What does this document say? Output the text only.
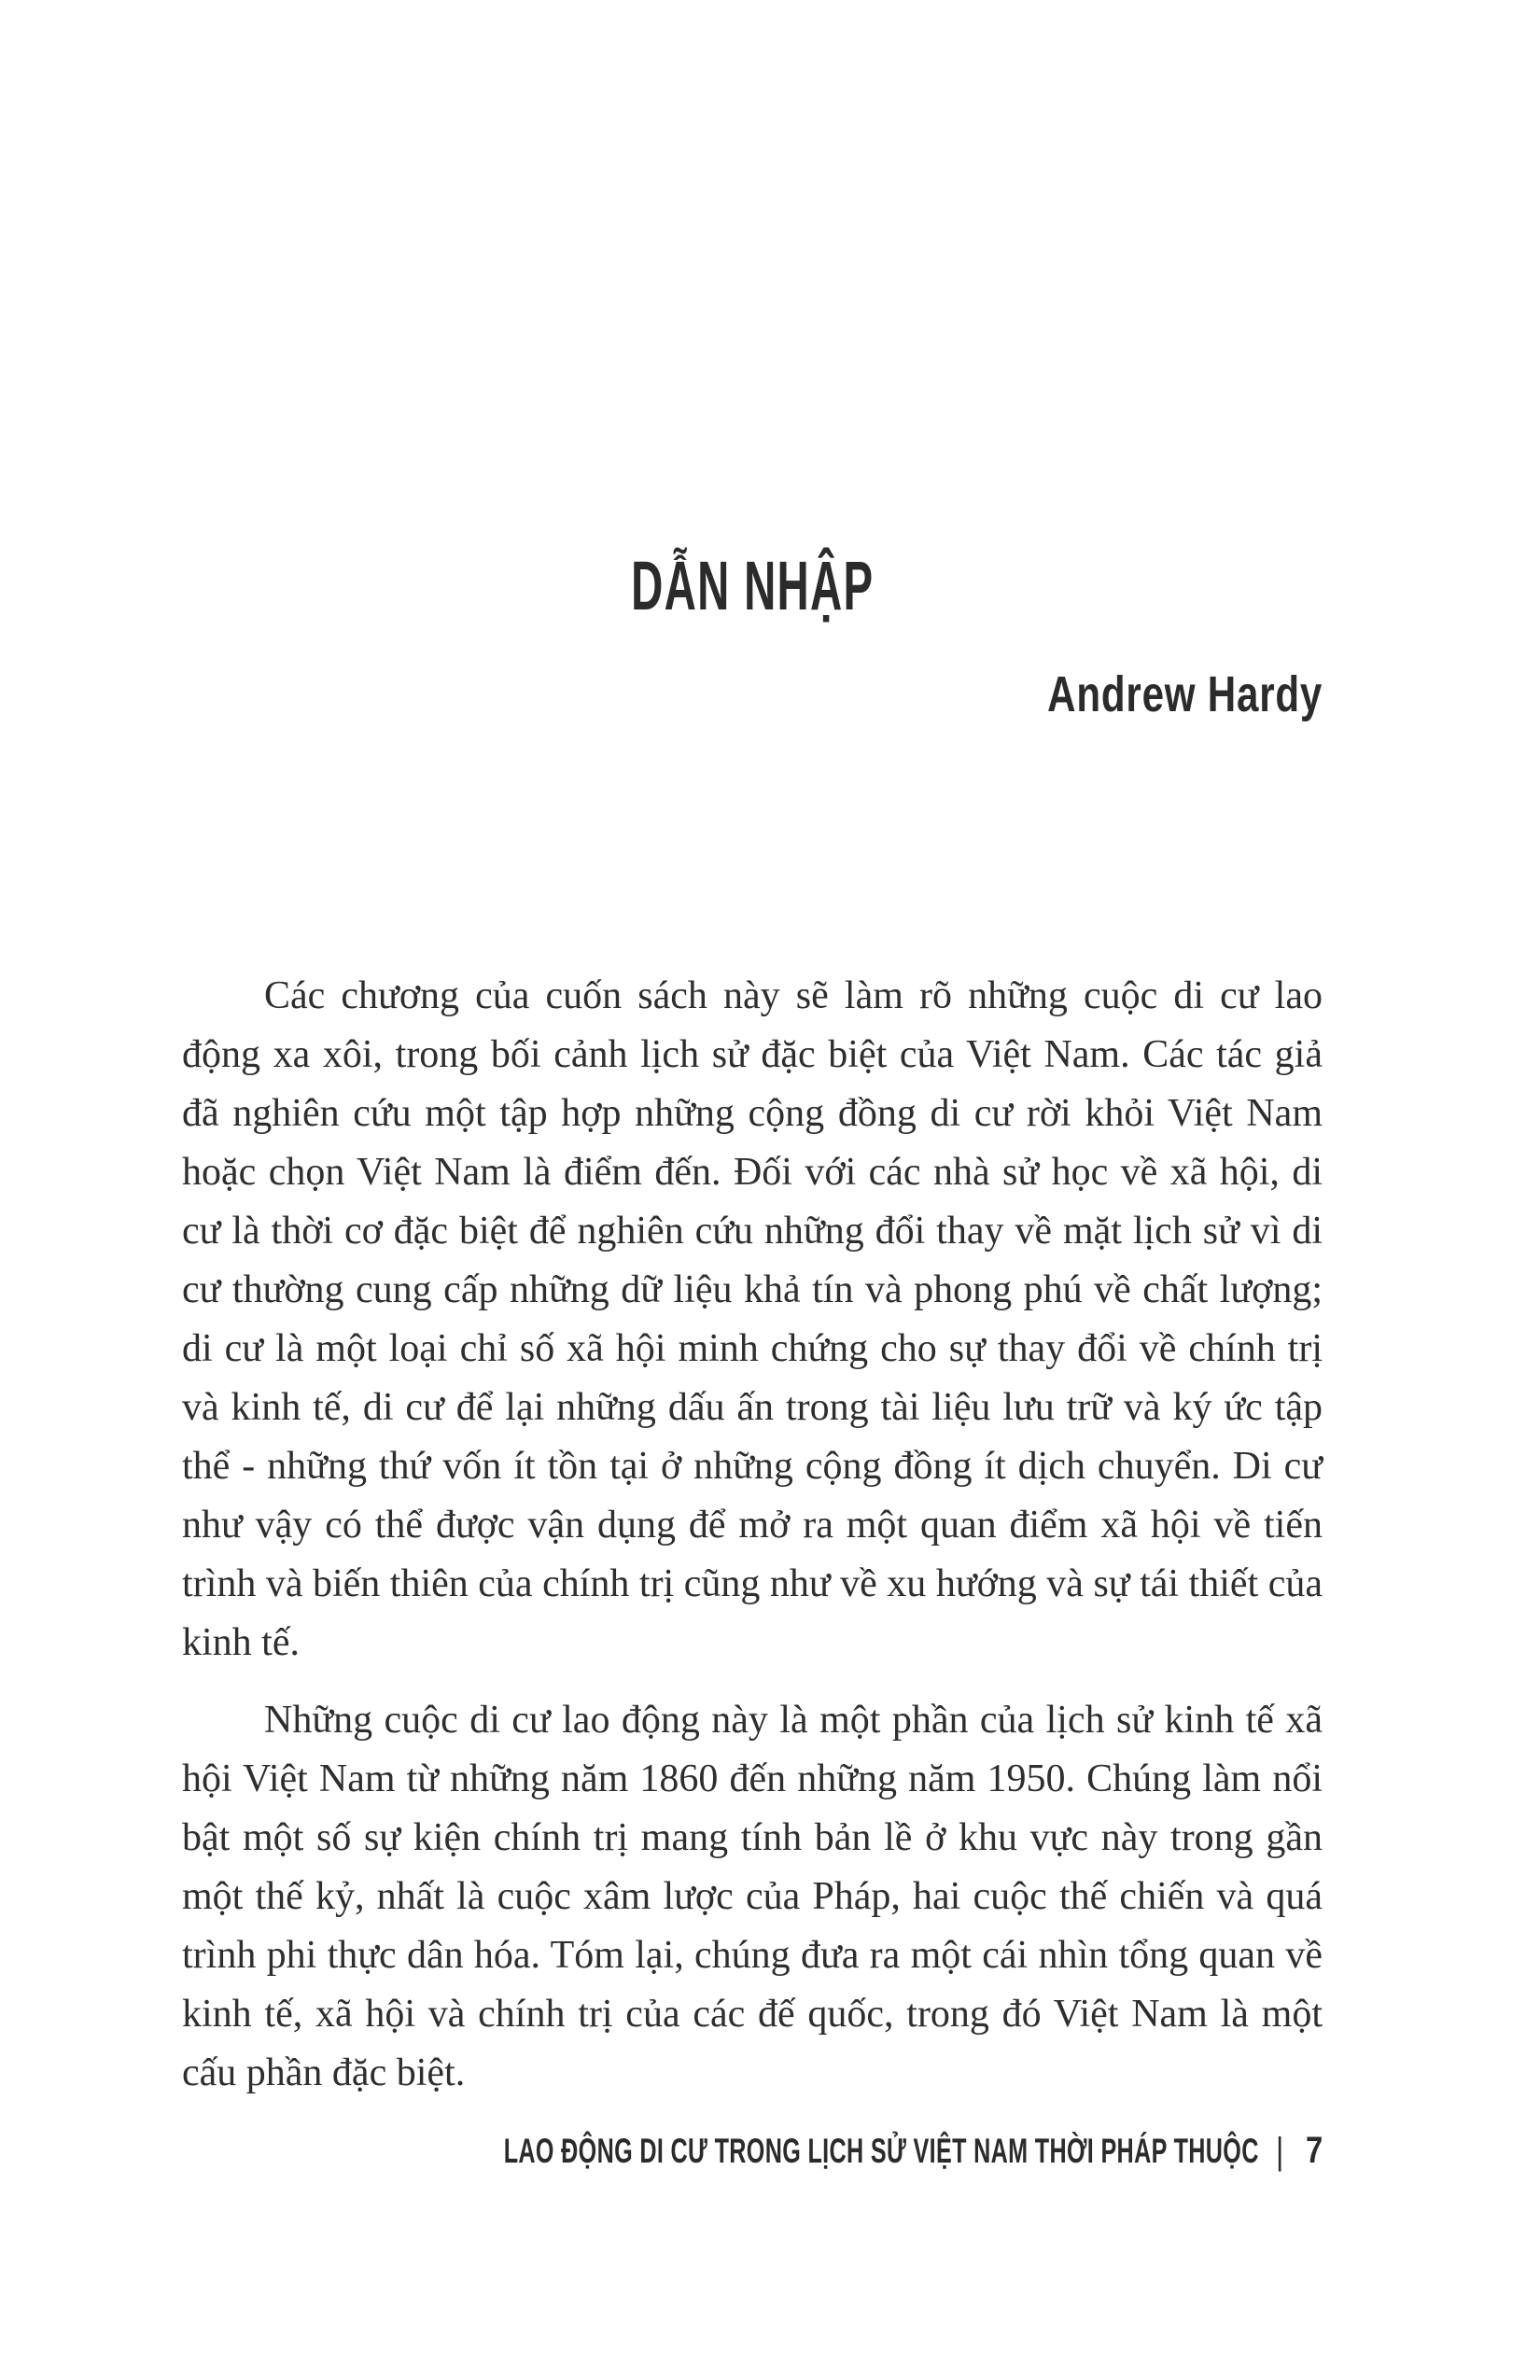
DẪN NHẬP
Andrew Hardy

Các chương của cuốn sách này sẽ làm rõ những cuộc di cư lao động xa xôi, trong bối cảnh lịch sử đặc biệt của Việt Nam. Các tác giả đã nghiên cứu một tập hợp những cộng đồng di cư rời khỏi Việt Nam hoặc chọn Việt Nam là điểm đến. Đối với các nhà sử học về xã hội, di cư là thời cơ đặc biệt để nghiên cứu những đổi thay về mặt lịch sử vì di cư thường cung cấp những dữ liệu khả tín và phong phú về chất lượng; di cư là một loại chỉ số xã hội minh chứng cho sự thay đổi về chính trị và kinh tế, di cư để lại những dấu ấn trong tài liệu lưu trữ và ký ức tập thể - những thứ vốn ít tồn tại ở những cộng đồng ít dịch chuyển. Di cư như vậy có thể được vận dụng để mở ra một quan điểm xã hội về tiến trình và biến thiên của chính trị cũng như về xu hướng và sự tái thiết của kinh tế.

Những cuộc di cư lao động này là một phần của lịch sử kinh tế xã hội Việt Nam từ những năm 1860 đến những năm 1950. Chúng làm nổi bật một số sự kiện chính trị mang tính bản lề ở khu vực này trong gần một thế kỷ, nhất là cuộc xâm lược của Pháp, hai cuộc thế chiến và quá trình phi thực dân hóa. Tóm lại, chúng đưa ra một cái nhìn tổng quan về kinh tế, xã hội và chính trị của các đế quốc, trong đó Việt Nam là một cấu phần đặc biệt.

LAO ĐỘNG DI CƯ TRONG LỊCH SỬ VIỆT NAM THỜI PHÁP THUỘC | 7
